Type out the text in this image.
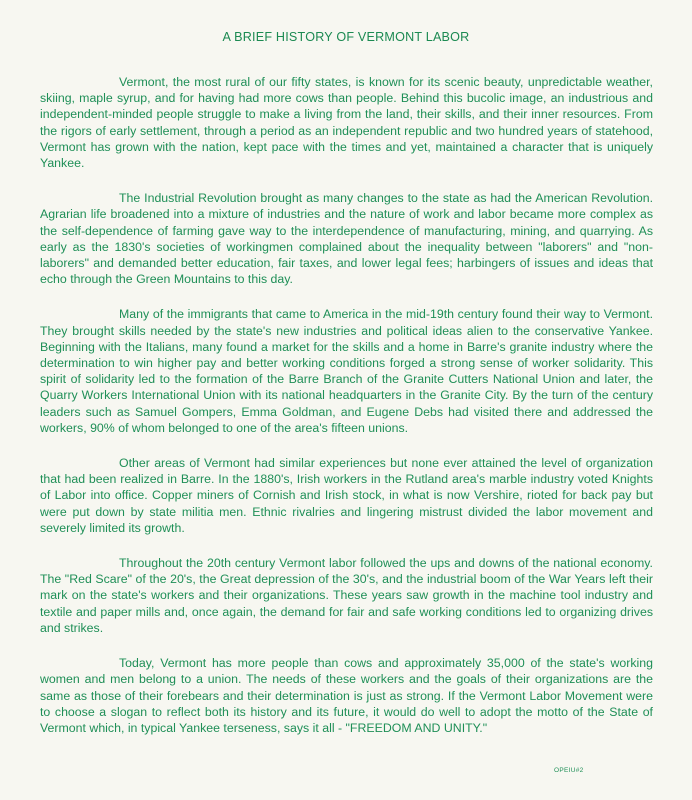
A BRIEF HISTORY OF VERMONT LABOR

Vermont, the most rural of our fifty states, is known for its scenic beauty, unpredictable weather, skiing, maple syrup, and for having had more cows than people. Behind this bucolic image, an industrious and independent-minded people struggle to make a living from the land, their skills, and their inner resources. From the rigors of early settlement, through a period as an independent republic and two hundred years of statehood, Vermont has grown with the nation, kept pace with the times and yet, maintained a character that is uniquely Yankee.

The Industrial Revolution brought as many changes to the state as had the American Revolution. Agrarian life broadened into a mixture of industries and the nature of work and labor became more complex as the self-dependence of farming gave way to the interdependence of manufacturing, mining, and quarrying. As early as the 1830's societies of workingmen complained about the inequality between "laborers" and "non-laborers" and demanded better education, fair taxes, and lower legal fees; harbingers of issues and ideas that echo through the Green Mountains to this day.

Many of the immigrants that came to America in the mid-19th century found their way to Vermont. They brought skills needed by the state's new industries and political ideas alien to the conservative Yankee. Beginning with the Italians, many found a market for the skills and a home in Barre's granite industry where the determination to win higher pay and better working conditions forged a strong sense of worker solidarity. This spirit of solidarity led to the formation of the Barre Branch of the Granite Cutters National Union and later, the Quarry Workers International Union with its national headquarters in the Granite City. By the turn of the century leaders such as Samuel Gompers, Emma Goldman, and Eugene Debs had visited there and addressed the workers, 90% of whom belonged to one of the area's fifteen unions.

Other areas of Vermont had similar experiences but none ever attained the level of organization that had been realized in Barre. In the 1880's, Irish workers in the Rutland area's marble industry voted Knights of Labor into office. Copper miners of Cornish and Irish stock, in what is now Vershire, rioted for back pay but were put down by state militia men. Ethnic rivalries and lingering mistrust divided the labor movement and severely limited its growth.

Throughout the 20th century Vermont labor followed the ups and downs of the national economy. The "Red Scare" of the 20's, the Great depression of the 30's, and the industrial boom of the War Years left their mark on the state's workers and their organizations. These years saw growth in the machine tool industry and textile and paper mills and, once again, the demand for fair and safe working conditions led to organizing drives and strikes.

Today, Vermont has more people than cows and approximately 35,000 of the state's working women and men belong to a union. The needs of these workers and the goals of their organizations are the same as those of their forebears and their determination is just as strong. If the Vermont Labor Movement were to choose a slogan to reflect both its history and its future, it would do well to adopt the motto of the State of Vermont which, in typical Yankee terseness, says it all - "FREEDOM AND UNITY."

OPEIU#2
